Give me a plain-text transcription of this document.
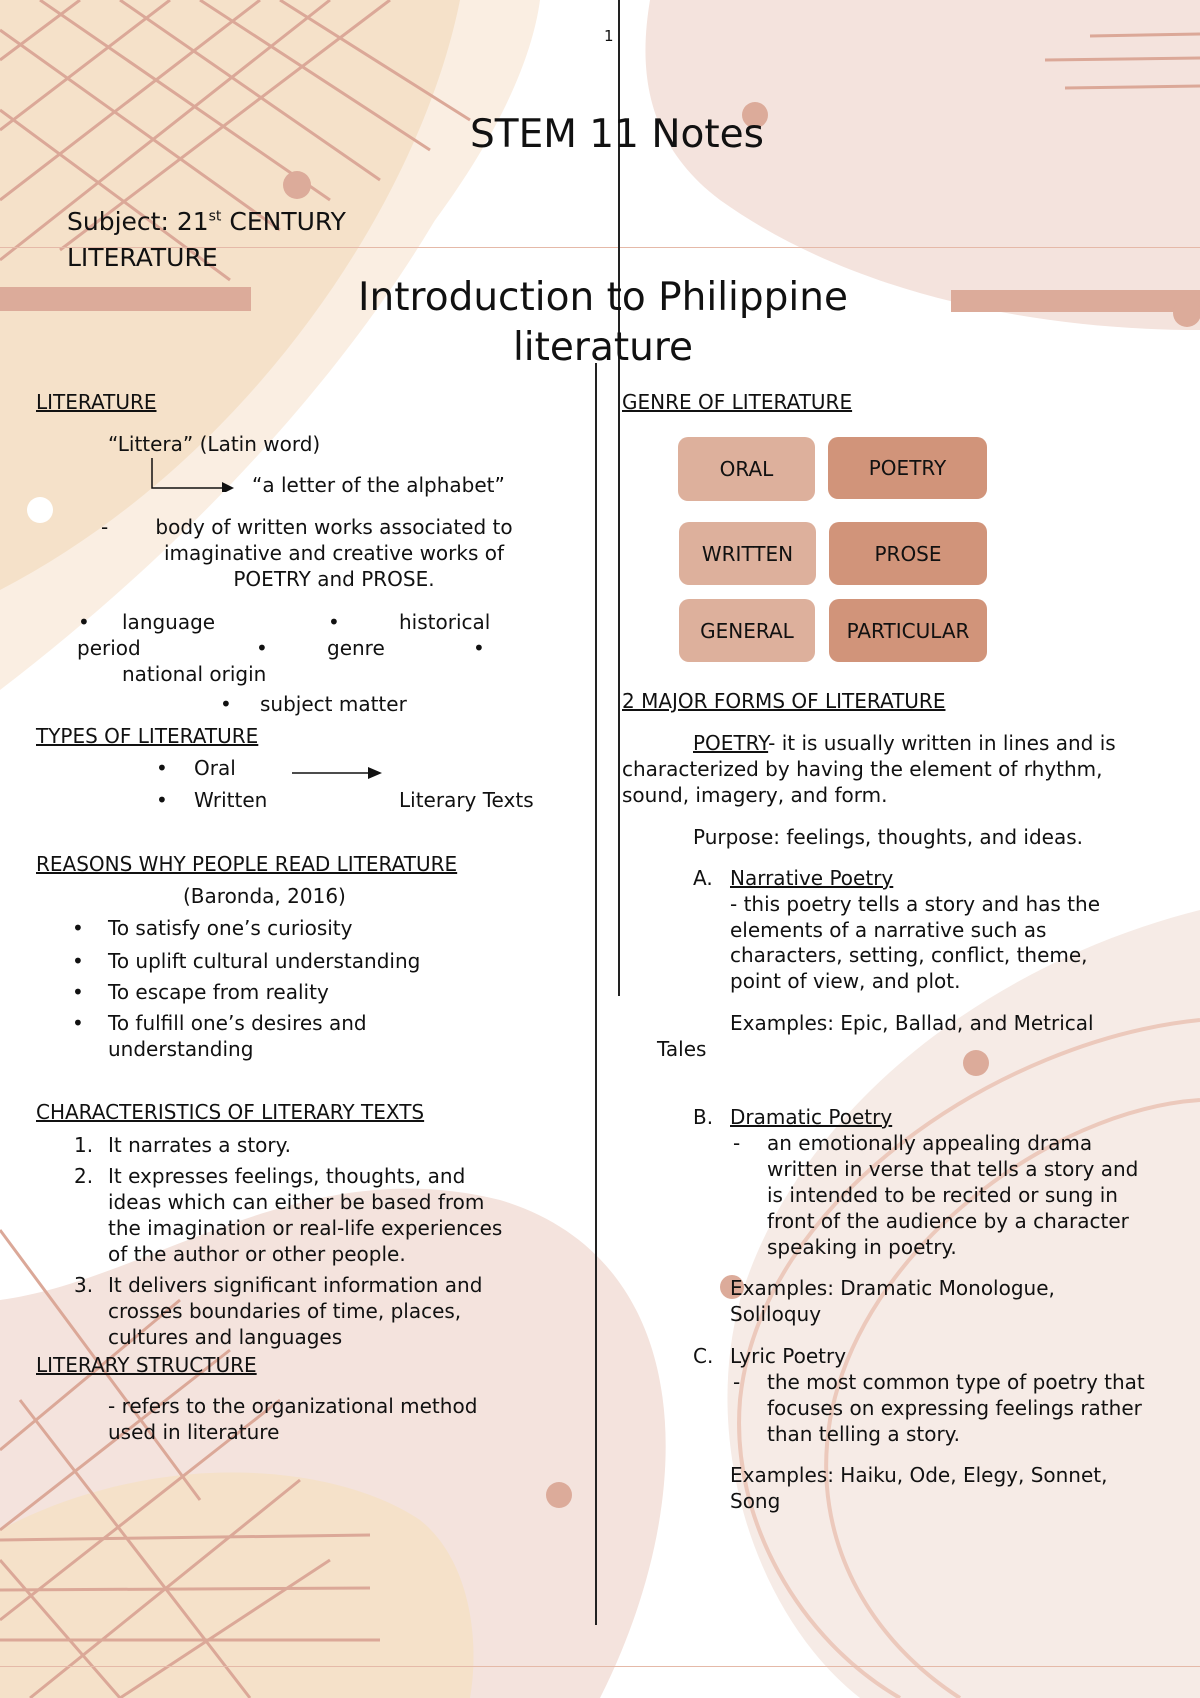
1
STEM 11 Notes
Subject: 21st CENTURY
LITERATURE
Introduction to Philippine
literature
LITERATURE
“Littera” (Latin word)
“a letter of the alphabet”
-	body of written works associated to
imaginative and creative works of
POETRY and PROSE.
• language	•	historical
period	•	genre	•
national origin
• subject matter
TYPES OF LITERATURE
• Oral
• Written	Literary Texts
REASONS WHY PEOPLE READ LITERATURE
(Baronda, 2016)
• To satisfy one’s curiosity
• To uplift cultural understanding
• To escape from reality
• To fulfill one’s desires and
understanding
CHARACTERISTICS OF LITERARY TEXTS
1. It narrates a story.
2. It expresses feelings, thoughts, and
ideas which can either be based from
the imagination or real-life experiences
of the author or other people.
3. It delivers significant information and
crosses boundaries of time, places,
cultures and languages
LITERARY STRUCTURE
- refers to the organizational method
used in literature
GENRE OF LITERATURE
ORAL	POETRY
WRITTEN	PROSE
GENERAL	PARTICULAR
2 MAJOR FORMS OF LITERATURE
POETRY- it is usually written in lines and is
characterized by having the element of rhythm,
sound, imagery, and form.
Purpose: feelings, thoughts, and ideas.
A. Narrative Poetry
- this poetry tells a story and has the
elements of a narrative such as
characters, setting, conflict, theme,
point of view, and plot.
Examples: Epic, Ballad, and Metrical
Tales
B. Dramatic Poetry
- an emotionally appealing drama
written in verse that tells a story and
is intended to be recited or sung in
front of the audience by a character
speaking in poetry.
Examples: Dramatic Monologue,
Soliloquy
C. Lyric Poetry
- the most common type of poetry that
focuses on expressing feelings rather
than telling a story.
Examples: Haiku, Ode, Elegy, Sonnet,
Song
